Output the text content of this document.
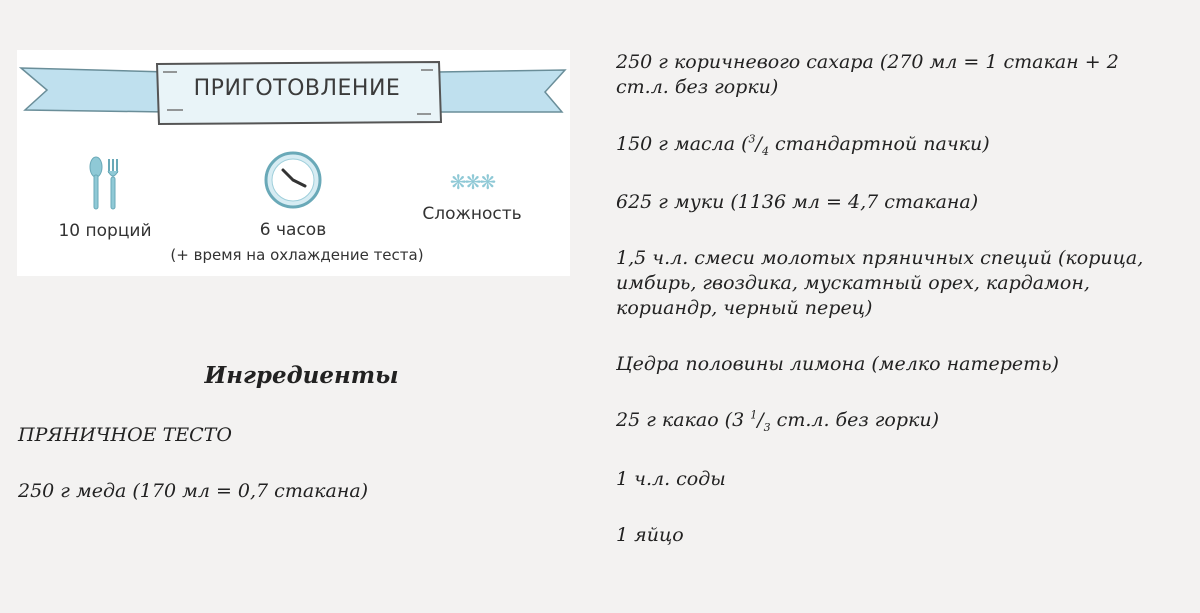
ПРИГОТОВЛЕНИЕ
10 порций	6 часов
❋❋❋
Сложность
(+ время на охлаждение теста)
Ингредиенты
ПРЯНИЧНОЕ ТЕСТО
250 г меда (170 мл = 0,7 стакана)

250 г коричневого сахара (270 мл = 1 стакан + 2 ст.л. без горки)

150 г масла ($^3/_4$ стандартной пачки)

625 г муки (1136 мл = 4,7 стакана)

1,5 ч.л. смеси молотых пряничных специй (корица, имбирь, гвоздика, мускатный орех, кардамон, кориандр, черный перец)

Цедра половины лимона (мелко натереть)

25 г какао (3 $^1/_3$ ст.л. без горки)

1 ч.л. соды

1 яйцо
